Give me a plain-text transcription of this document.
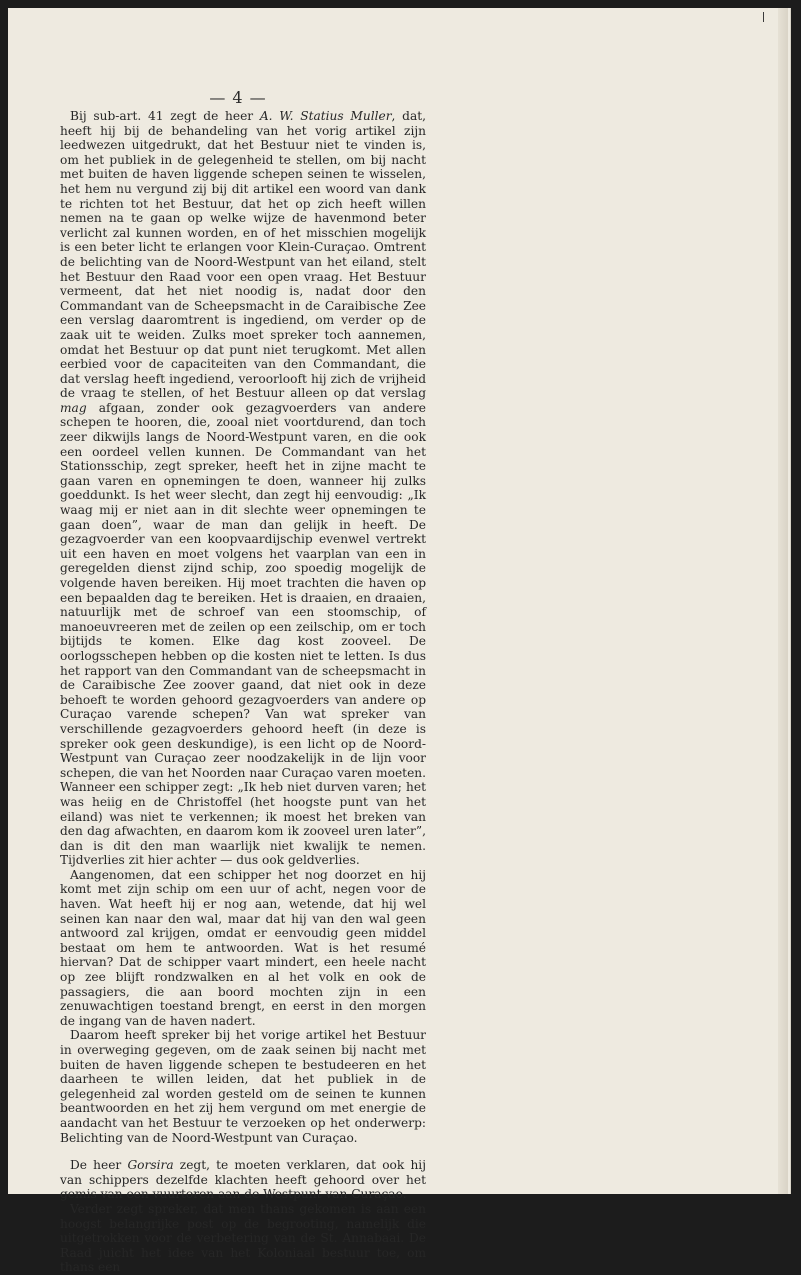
— 4 —

Bij sub-art. 41 zegt de heer A. W. Statius Muller, dat, heeft hij bij de behandeling van het vorig artikel zijn leedwezen uitgedrukt, dat het Bestuur niet te vinden is, om het publiek in de gelegenheid te stellen, om bij nacht met buiten de haven liggende schepen seinen te wisselen, het hem nu vergund zij bij dit artikel een woord van dank te richten tot het Bestuur, dat het op zich heeft willen nemen na te gaan op welke wijze de havenmond beter verlicht zal kunnen worden, en of het misschien mogelijk is een beter licht te erlangen voor Klein-Curaçao. Omtrent de belichting van de Noord-Westpunt van het eiland, stelt het Bestuur den Raad voor een open vraag. Het Bestuur vermeent, dat het niet noodig is, nadat door den Commandant van de Scheepsmacht in de Caraibische Zee een verslag daaromtrent is ingediend, om verder op de zaak uit te weiden. Zulks moet spreker toch aannemen, omdat het Bestuur op dat punt niet terugkomt. Met allen eerbied voor de capaciteiten van den Commandant, die dat verslag heeft ingediend, veroorlooft hij zich de vrijheid de vraag te stellen, of het Bestuur alleen op dat verslag mag afgaan, zonder ook gezagvoerders van andere schepen te hooren, die, zooal niet voortdurend, dan toch zeer dikwijls langs de Noord-Westpunt varen, en die ook een oordeel vellen kunnen. De Commandant van het Stationsschip, zegt spreker, heeft het in zijne macht te gaan varen en opnemingen te doen, wanneer hij zulks goeddunkt. Is het weer slecht, dan zegt hij eenvoudig: „Ik waag mij er niet aan in dit slechte weer opnemingen te gaan doen”, waar de man dan gelijk in heeft. De gezagvoerder van een koopvaardijschip evenwel vertrekt uit een haven en moet volgens het vaarplan van een in geregelden dienst zijnd schip, zoo spoedig mogelijk de volgende haven bereiken. Hij moet trachten die haven op een bepaalden dag te bereiken. Het is draaien, en draaien, natuurlijk met de schroef van een stoomschip, of manoeuvreeren met de zeilen op een zeilschip, om er toch bijtijds te komen. Elke dag kost zooveel. De oorlogsschepen hebben op die kosten niet te letten. Is dus het rapport van den Commandant van de scheepsmacht in de Caraibische Zee zoover gaand, dat niet ook in deze behoeft te worden gehoord gezagvoerders van andere op Curaçao varende schepen? Van wat spreker van verschillende gezagvoerders gehoord heeft (in deze is spreker ook geen deskundige), is een licht op de Noord-Westpunt van Curaçao zeer noodzakelijk in de lijn voor schepen, die van het Noorden naar Curaçao varen moeten. Wanneer een schipper zegt: „Ik heb niet durven varen; het was heiig en de Christoffel (het hoogste punt van het eiland) was niet te verkennen; ik moest het breken van den dag afwachten, en daarom kom ik zooveel uren later”, dan is dit den man waarlijk niet kwalijk te nemen. Tijdverlies zit hier achter — dus ook geldverlies.

Aangenomen, dat een schipper het nog doorzet en hij komt met zijn schip om een uur of acht, negen voor de haven. Wat heeft hij er nog aan, wetende, dat hij wel seinen kan naar den wal, maar dat hij van den wal geen antwoord zal krijgen, omdat er eenvoudig geen middel bestaat om hem te antwoorden. Wat is het resumé hiervan? Dat de schipper vaart mindert, een heele nacht op zee blijft rondzwalken en al het volk en ook de passagiers, die aan boord mochten zijn in een zenuwachtigen toestand brengt, en eerst in den morgen de ingang van de haven nadert.

Daarom heeft spreker bij het vorige artikel het Bestuur in overweging gegeven, om de zaak seinen bij nacht met buiten de haven liggende schepen te bestudeeren en het daarheen te willen leiden, dat het publiek in de gelegenheid zal worden gesteld om de seinen te kunnen beantwoorden en het zij hem vergund om met energie de aandacht van het Bestuur te verzoeken op het onderwerp: Belichting van de Noord-Westpunt van Curaçao.

De heer Gorsira zegt, te moeten verklaren, dat ook hij van schippers dezelfde klachten heeft gehoord over het gemis van een vuurtoren aan de Westpunt van Curaçao.

Verder zegt spreker, dat men thans gekomen is aan een hoogst belangrijke post op de begrooting, namelijk die uitgetrokken voor de verbetering van de St. Annabaai. De Raad juicht het idee van het Koloniaal bestuur toe, om thans een
